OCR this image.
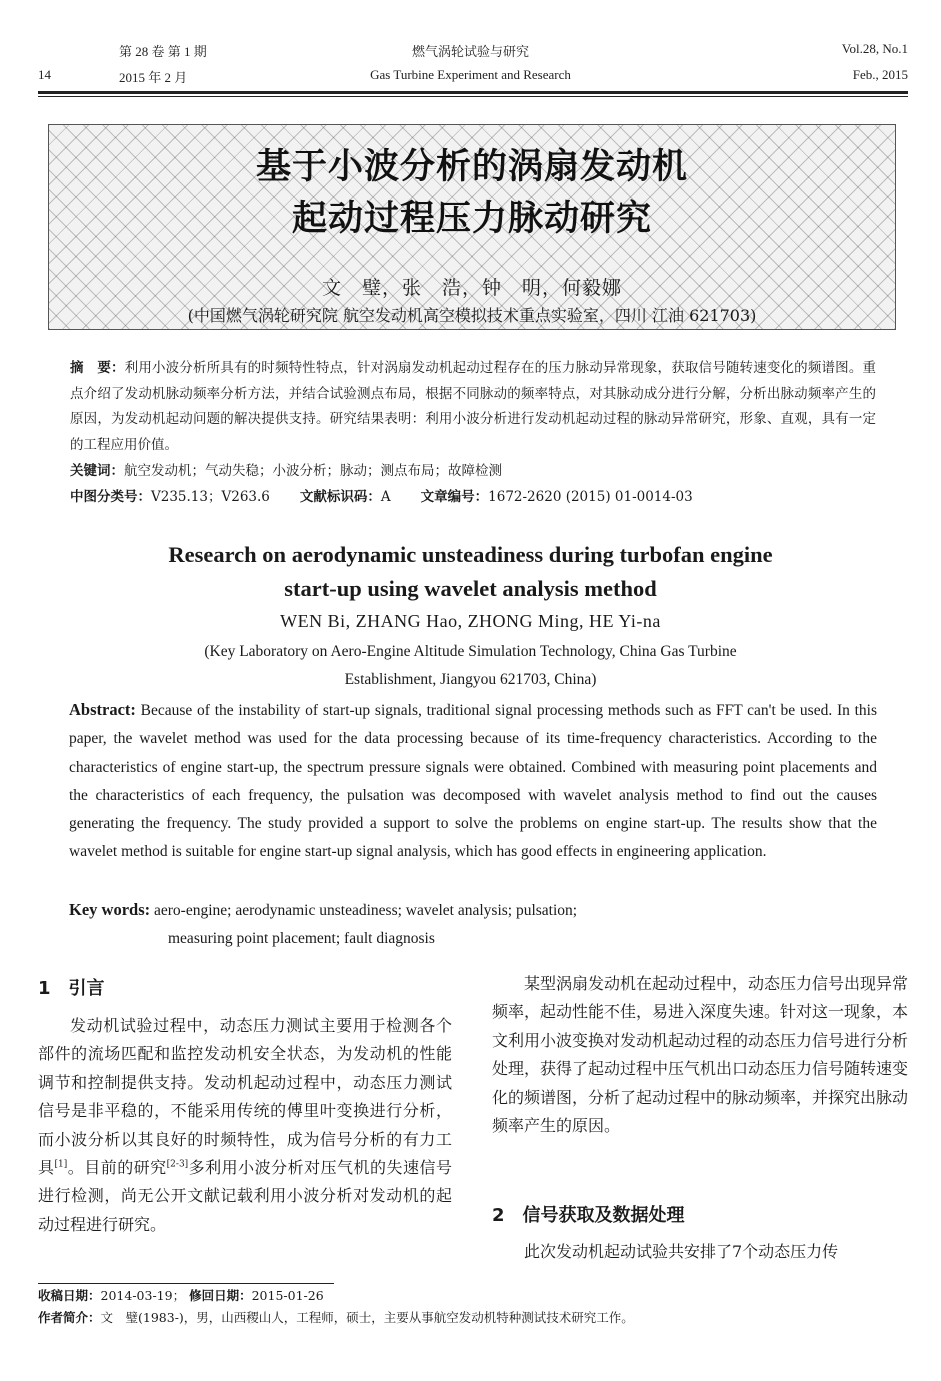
14
第 28 卷 第 1 期
2015 年 2 月
燃气涡轮试验与研究
Gas Turbine Experiment and Research
Vol.28, No.1
Feb., 2015
基于小波分析的涡扇发动机
起动过程压力脉动研究
文　璧，张　浩，钟　明，何毅娜
(中国燃气涡轮研究院 航空发动机高空模拟技术重点实验室，四川 江油 621703)
摘　要：利用小波分析所具有的时频特性特点，针对涡扇发动机起动过程存在的压力脉动异常现象，获取信号随转速变化的频谱图。重点介绍了发动机脉动频率分析方法，并结合试验测点布局，根据不同脉动的频率特点，对其脉动成分进行分解，分析出脉动频率产生的原因，为发动机起动问题的解决提供支持。研究结果表明：利用小波分析进行发动机起动过程的脉动异常研究，形象、直观，具有一定的工程应用价值。
关键词：航空发动机；气动失稳；小波分析；脉动；测点布局；故障检测
中图分类号：V235.13；V263.6 文献标识码：A 文章编号：1672-2620 (2015) 01-0014-03
Research on aerodynamic unsteadiness during turbofan engine
start-up using wavelet analysis method
WEN Bi, ZHANG Hao, ZHONG Ming, HE Yi-na
(Key Laboratory on Aero-Engine Altitude Simulation Technology, China Gas Turbine
Establishment, Jiangyou 621703, China)
Abstract: Because of the instability of start-up signals, traditional signal processing methods such as FFT can't be used. In this paper, the wavelet method was used for the data processing because of its time-frequency characteristics. According to the characteristics of engine start-up, the spectrum pressure signals were obtained. Combined with measuring point placements and the characteristics of each frequency, the pulsation was decomposed with wavelet analysis method to find out the causes generating the frequency. The study provided a support to solve the problems on engine start-up. The results show that the wavelet method is suitable for engine start-up signal analysis, which has good effects in engineering application.
Key words: aero-engine; aerodynamic unsteadiness; wavelet analysis; pulsation;
measuring point placement; fault diagnosis
1　引言

发动机试验过程中，动态压力测试主要用于检测各个部件的流场匹配和监控发动机安全状态，为发动机的性能调节和控制提供支持。发动机起动过程中，动态压力测试信号是非平稳的，不能采用传统的傅里叶变换进行分析，而小波分析以其良好的时频特性，成为信号分析的有力工具[1]。目前的研究[2-3]多利用小波分析对压气机的失速信号进行检测，尚无公开文献记载利用小波分析对发动机的起动过程进行研究。

某型涡扇发动机在起动过程中，动态压力信号出现异常频率，起动性能不佳，易进入深度失速。针对这一现象，本文利用小波变换对发动机起动过程的动态压力信号进行分析处理，获得了起动过程中压气机出口动态压力信号随转速变化的频谱图，分析了起动过程中的脉动频率，并探究出脉动频率产生的原因。

2　信号获取及数据处理

此次发动机起动试验共安排了7个动态压力传

收稿日期：2014-03-19； 修回日期：2015-01-26
作者简介：文　璧(1983-)，男，山西稷山人，工程师，硕士，主要从事航空发动机特种测试技术研究工作。
